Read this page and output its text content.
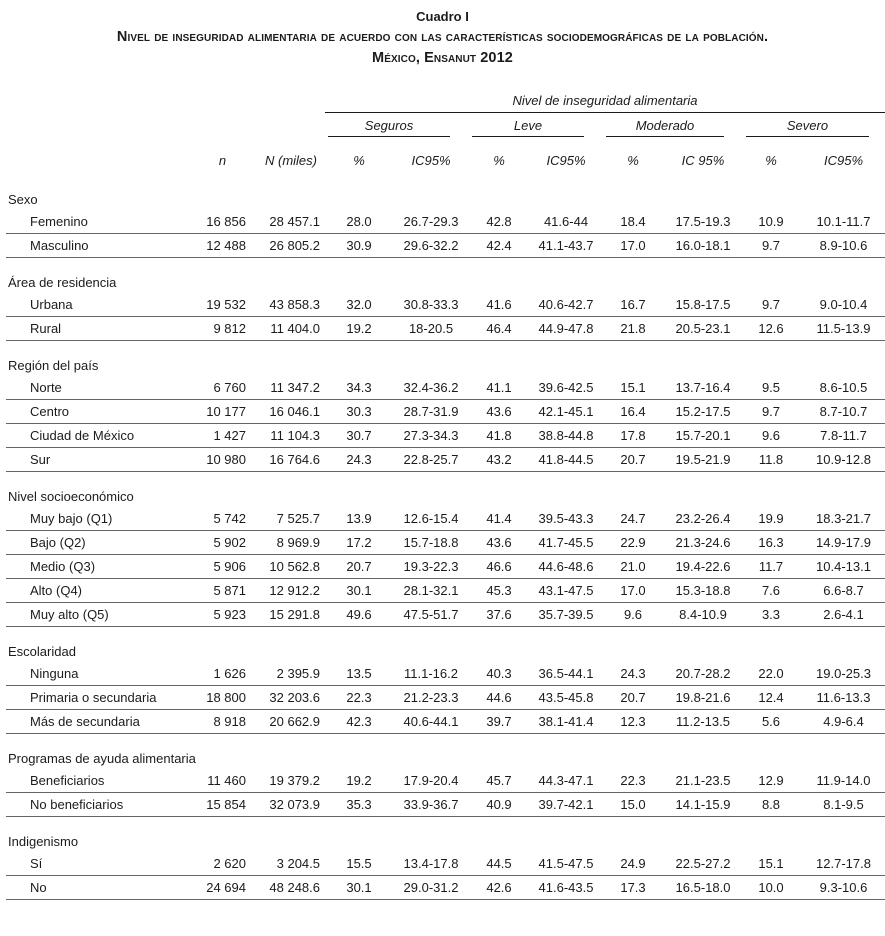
Cuadro I
Nivel de inseguridad alimentaria de acuerdo con las características sociodemográficas de la población.
México, Ensanut 2012

			Nivel de inseguridad alimentaria							

			Seguros		Leve		Moderado		Severo	

	n	N (miles)	%	IC95%	%	IC95%	%	IC 95%	%	IC95%
Sexo										
Femenino	16 856	28 457.1	28.0	26.7-29.3	42.8	41.6-44	18.4	17.5-19.3	10.9	10.1-11.7
Masculino	12 488	26 805.2	30.9	29.6-32.2	42.4	41.1-43.7	17.0	16.0-18.1	9.7	8.9-10.6
Área de residencia										
Urbana	19 532	43 858.3	32.0	30.8-33.3	41.6	40.6-42.7	16.7	15.8-17.5	9.7	9.0-10.4
Rural	9 812	11 404.0	19.2	18-20.5	46.4	44.9-47.8	21.8	20.5-23.1	12.6	11.5-13.9
Región del país										
Norte	6 760	11 347.2	34.3	32.4-36.2	41.1	39.6-42.5	15.1	13.7-16.4	9.5	8.6-10.5
Centro	10 177	16 046.1	30.3	28.7-31.9	43.6	42.1-45.1	16.4	15.2-17.5	9.7	8.7-10.7
Ciudad de México	1 427	11 104.3	30.7	27.3-34.3	41.8	38.8-44.8	17.8	15.7-20.1	9.6	7.8-11.7
Sur	10 980	16 764.6	24.3	22.8-25.7	43.2	41.8-44.5	20.7	19.5-21.9	11.8	10.9-12.8
Nivel socioeconómico										
Muy bajo (Q1)	5 742	7 525.7	13.9	12.6-15.4	41.4	39.5-43.3	24.7	23.2-26.4	19.9	18.3-21.7
Bajo (Q2)	5 902	8 969.9	17.2	15.7-18.8	43.6	41.7-45.5	22.9	21.3-24.6	16.3	14.9-17.9
Medio (Q3)	5 906	10 562.8	20.7	19.3-22.3	46.6	44.6-48.6	21.0	19.4-22.6	11.7	10.4-13.1
Alto (Q4)	5 871	12 912.2	30.1	28.1-32.1	45.3	43.1-47.5	17.0	15.3-18.8	7.6	6.6-8.7
Muy alto (Q5)	5 923	15 291.8	49.6	47.5-51.7	37.6	35.7-39.5	9.6	8.4-10.9	3.3	2.6-4.1
Escolaridad										
Ninguna	1 626	2 395.9	13.5	11.1-16.2	40.3	36.5-44.1	24.3	20.7-28.2	22.0	19.0-25.3
Primaria o secundaria	18 800	32 203.6	22.3	21.2-23.3	44.6	43.5-45.8	20.7	19.8-21.6	12.4	11.6-13.3
Más de secundaria	8 918	20 662.9	42.3	40.6-44.1	39.7	38.1-41.4	12.3	11.2-13.5	5.6	4.9-6.4
Programas de ayuda alimentaria										
Beneficiarios	11 460	19 379.2	19.2	17.9-20.4	45.7	44.3-47.1	22.3	21.1-23.5	12.9	11.9-14.0
No beneficiarios	15 854	32 073.9	35.3	33.9-36.7	40.9	39.7-42.1	15.0	14.1-15.9	8.8	8.1-9.5
Indigenismo										
Sí	2 620	3 204.5	15.5	13.4-17.8	44.5	41.5-47.5	24.9	22.5-27.2	15.1	12.7-17.8
No	24 694	48 248.6	30.1	29.0-31.2	42.6	41.6-43.5	17.3	16.5-18.0	10.0	9.3-10.6
